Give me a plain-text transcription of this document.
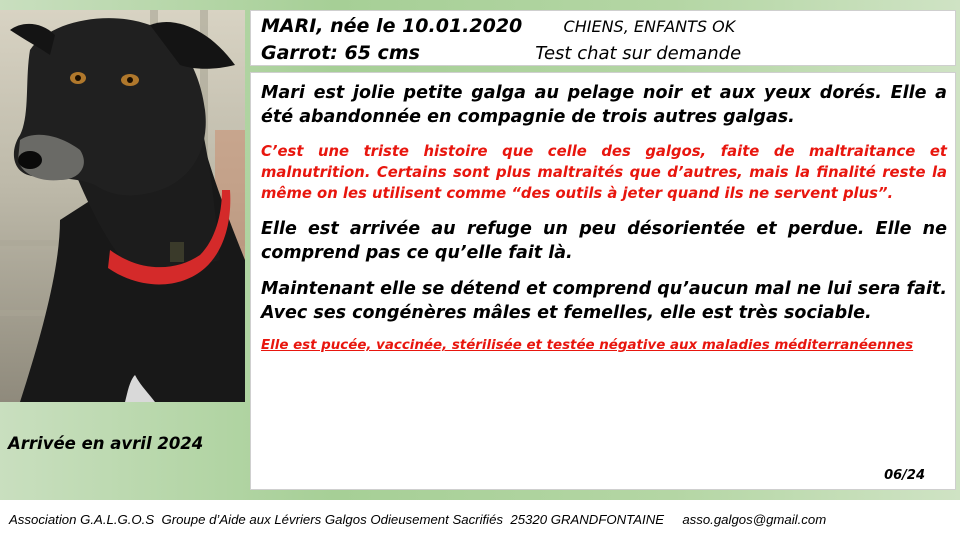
MARI, née le 10.01.2020	CHIENS, ENFANTS OK
Garrot: 65 cms	Test chat sur demande

Mari est jolie petite galga au pelage noir et aux yeux dorés. Elle a été abandonnée en compagnie de trois autres galgas.

C’est une triste histoire que celle des galgos, faite de maltraitance et malnutrition. Certains sont plus maltraités que d’autres, mais la finalité reste la même on les utilisent comme “des outils à jeter quand ils ne servent plus”.

Elle est arrivée au refuge un peu désorientée et perdue. Elle ne comprend pas ce qu’elle fait là.

Maintenant elle se détend et comprend qu’aucun mal ne lui sera fait. Avec ses congénères mâles et femelles, elle est très sociable.

Elle est pucée, vaccinée, stérilisée et testée négative aux maladies méditerranéennes

06/24
Arrivée en avril 2024
Association G.A.L.G.O.S  Groupe d’Aide aux Lévriers Galgos Odieusement Sacrifiés  25320 GRANDFONTAINE     asso.galgos@gmail.com
